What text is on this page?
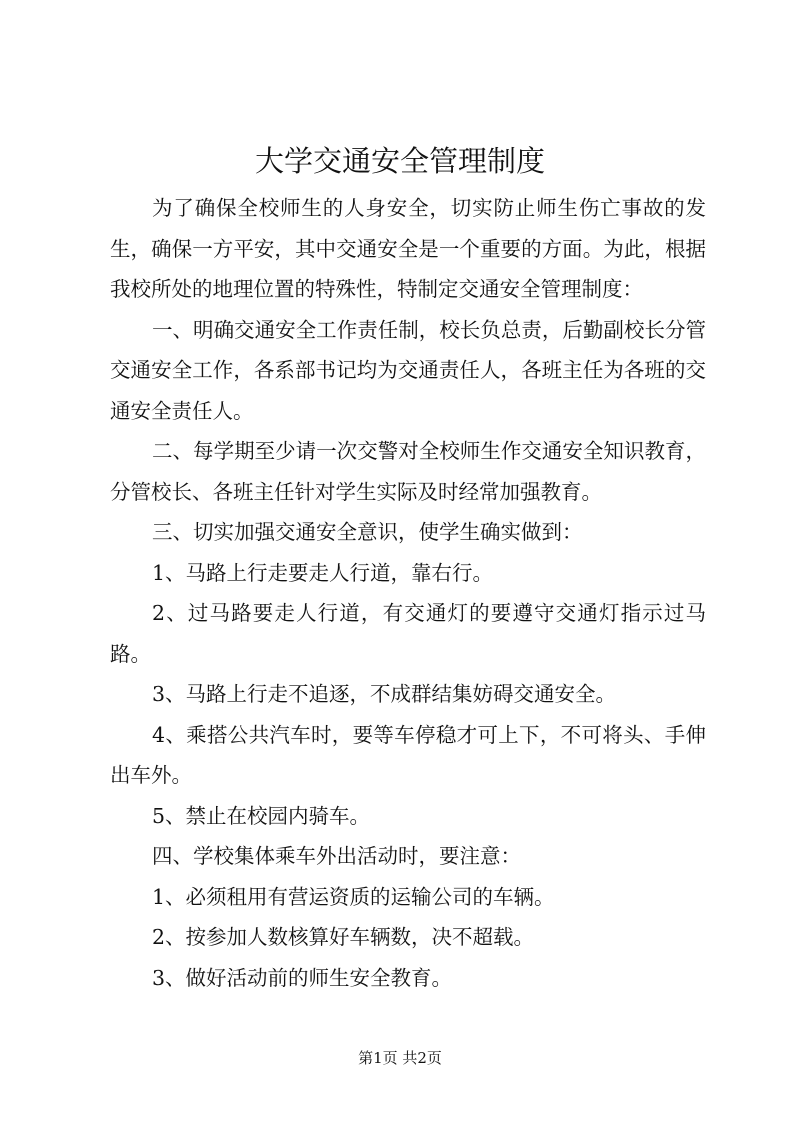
大学交通安全管理制度

为了确保全校师生的人身安全，切实防止师生伤亡事故的发生，确保一方平安，其中交通安全是一个重要的方面。为此，根据我校所处的地理位置的特殊性，特制定交通安全管理制度：

一、明确交通安全工作责任制，校长负总责，后勤副校长分管交通安全工作，各系部书记均为交通责任人，各班主任为各班的交通安全责任人。

二、每学期至少请一次交警对全校师生作交通安全知识教育，分管校长、各班主任针对学生实际及时经常加强教育。

三、切实加强交通安全意识，使学生确实做到：

1、马路上行走要走人行道，靠右行。

2、过马路要走人行道，有交通灯的要遵守交通灯指示过马路。

3、马路上行走不追逐，不成群结集妨碍交通安全。

4、乘搭公共汽车时，要等车停稳才可上下，不可将头、手伸出车外。

5、禁止在校园内骑车。

四、学校集体乘车外出活动时，要注意：

1、必须租用有营运资质的运输公司的车辆。

2、按参加人数核算好车辆数，决不超载。

3、做好活动前的师生安全教育。

第1页 共2页
